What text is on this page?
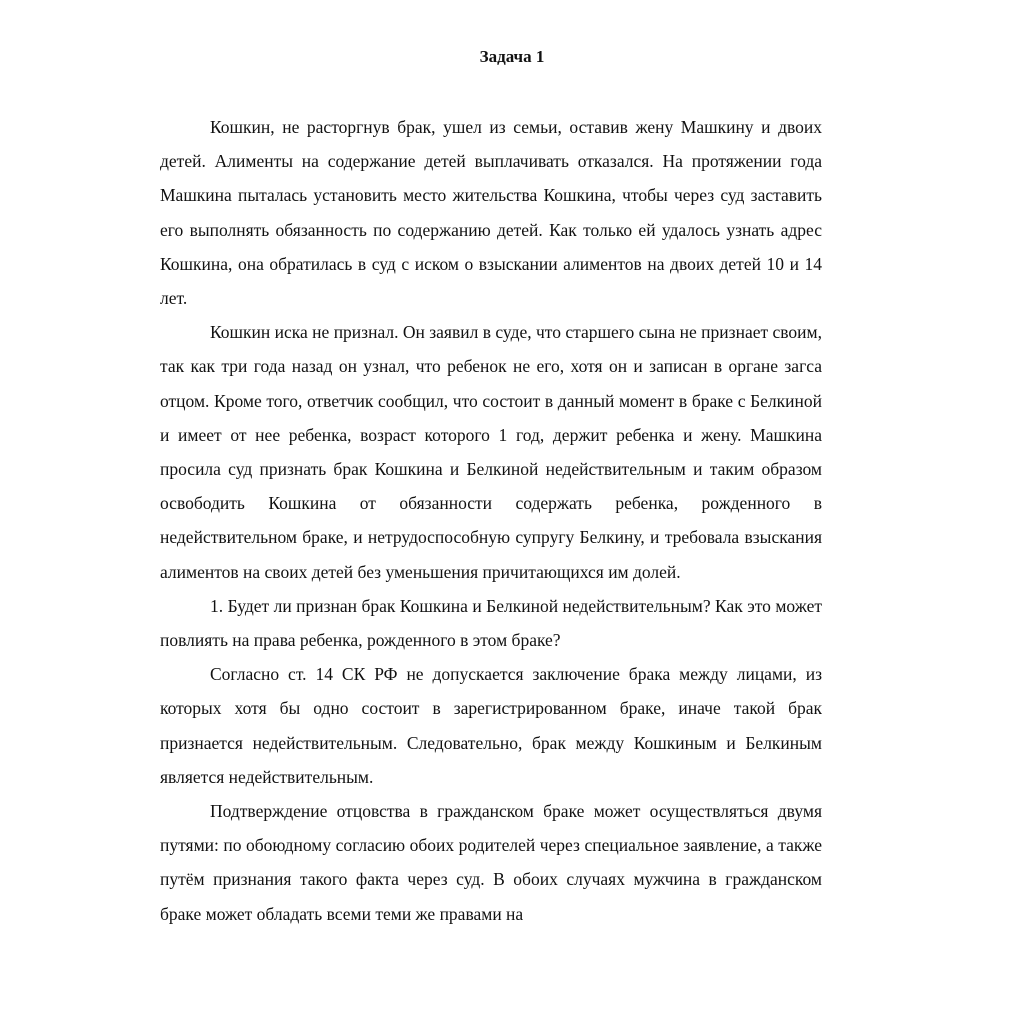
Задача 1

Кошкин, не расторгнув брак, ушел из семьи, оставив жену Машкину и двоих детей. Алименты на содержание детей выплачивать отказался. На протяжении года Машкина пыталась установить место жительства Кошкина, чтобы через суд заставить его выполнять обязанность по содержанию детей. Как только ей удалось узнать адрес Кошкина, она обратилась в суд с иском о взыскании алиментов на двоих детей 10 и 14 лет.

Кошкин иска не признал. Он заявил в суде, что старшего сына не признает своим, так как три года назад он узнал, что ребенок не его, хотя он и записан в органе загса отцом. Кроме того, ответчик сообщил, что состоит в данный момент в браке с Белкиной и имеет от нее ребенка, возраст которого 1 год, держит ребенка и жену. Машкина просила суд признать брак Кошкина и Белкиной недействительным и таким образом освободить Кошкина от обязанности содержать ребенка, рожденного в недействительном браке, и нетрудоспособную супругу Белкину, и требовала взыскания алиментов на своих детей без уменьшения причитающихся им долей.

1. Будет ли признан брак Кошкина и Белкиной недействительным? Как это может повлиять на права ребенка, рожденного в этом браке?

Согласно ст. 14 СК РФ не допускается заключение брака между лицами, из которых хотя бы одно состоит в зарегистрированном браке, иначе такой брак признается недействительным. Следовательно, брак между Кошкиным и Белкиным является недействительным.

Подтверждение отцовства в гражданском браке может осуществляться двумя путями: по обоюдному согласию обоих родителей через специальное заявление, а также путём признания такого факта через суд. В обоих случаях мужчина в гражданском браке может обладать всеми теми же правами на
